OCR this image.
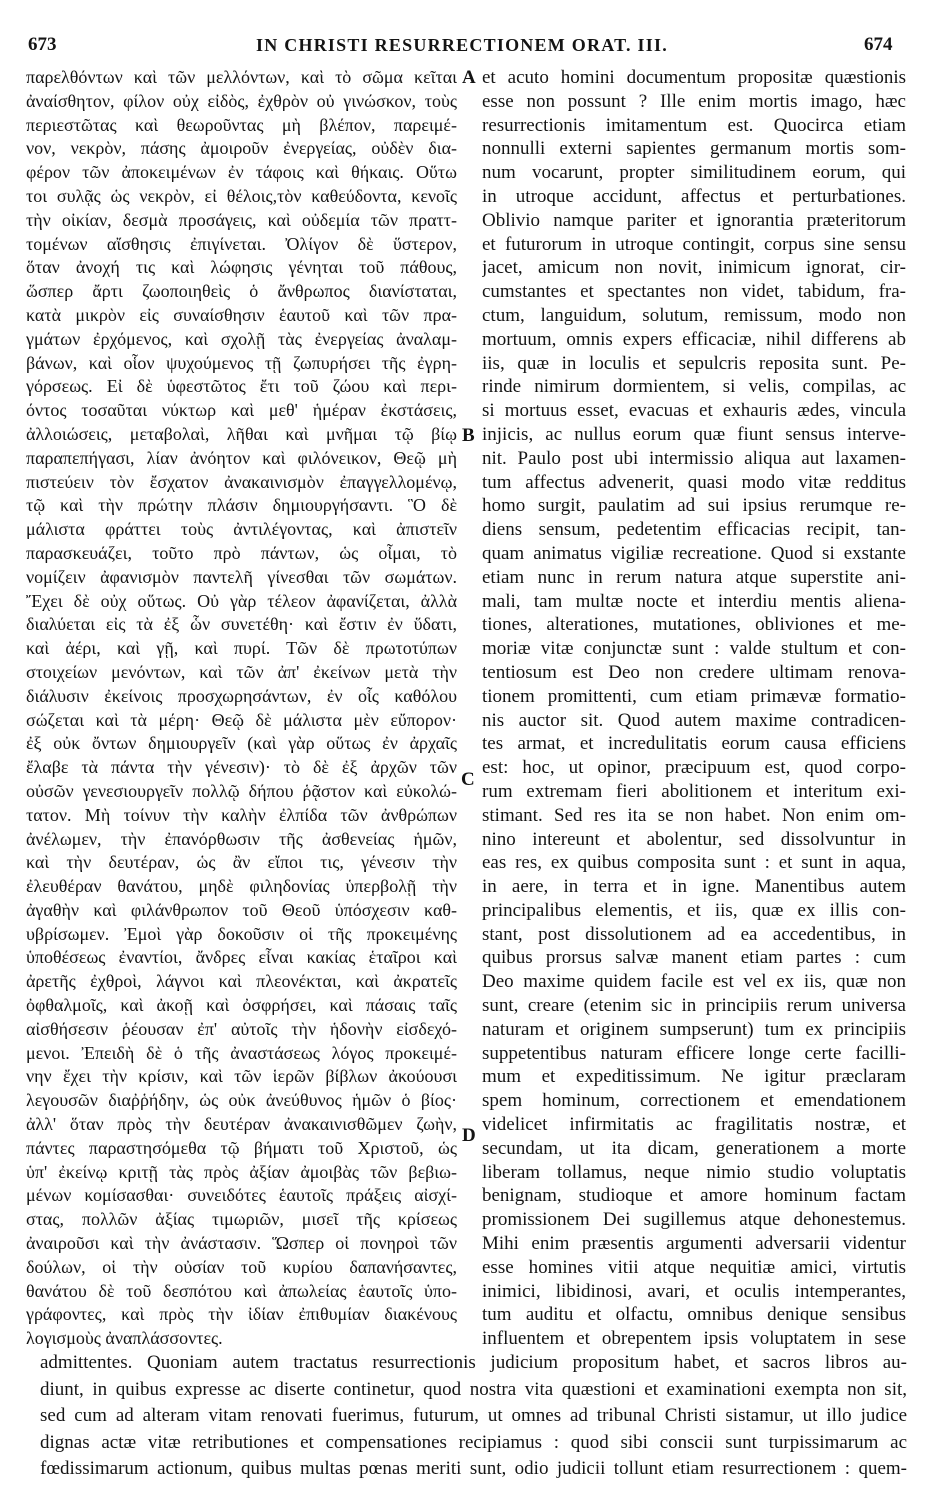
673	IN CHRISTI RESURRECTIONEM ORAT. III.	674
παρελθόντων καὶ τῶν μελλόντων, καὶ τὸ σῶμα κεῖται
ἀναίσθητον, φίλον οὐχ εἰδὸς, ἐχθρὸν οὐ γινώσκον, τοὺς
περιεστῶτας καὶ θεωροῦντας μὴ βλέπον, παρειμέ-
νον, νεκρὸν, πάσης ἀμοιροῦν ἐνεργείας, οὐδὲν δια-
φέρον τῶν ἀποκειμένων ἐν τάφοις καὶ θήκαις. Οὕτω
τοι συλᾷς ὡς νεκρὸν, εἰ θέλοις,τὸν καθεύδοντα, κενοῖς
τὴν οἰκίαν, δεσμὰ προσάγεις, καὶ οὐδεμία τῶν πραττ-
τομένων αἴσθησις ἐπιγίνεται. Ὀλίγον δὲ ὕστερον,
ὅταν ἀνοχή τις καὶ λώφησις γένηται τοῦ πάθους,
ὥσπερ ἄρτι ζωοποιηθεὶς ὁ ἄνθρωπος διανίσταται,
κατὰ μικρὸν εἰς συναίσθησιν ἑαυτοῦ καὶ τῶν πρα-
γμάτων ἐρχόμενος, καὶ σχολῇ τὰς ἐνεργείας ἀναλαμ-
βάνων, καὶ οἷον ψυχούμενος τῇ ζωπυρήσει τῆς ἐγρη-
γόρσεως. Εἰ δὲ ὑφεστῶτος ἔτι τοῦ ζώου καὶ περι-
όντος τοσαῦται νύκτωρ καὶ μεθ' ἡμέραν ἐκστάσεις,
ἀλλοιώσεις, μεταβολαὶ, λῆθαι καὶ μνῆμαι τῷ βίῳ
παραπεπήγασι, λίαν ἀνόητον καὶ φιλόνεικον, Θεῷ μὴ
πιστεύειν τὸν ἔσχατον ἀνακαινισμὸν ἐπαγγελλομένῳ,
τῷ καὶ τὴν πρώτην πλάσιν δημιουργήσαντι. Ὃ δὲ
μάλιστα φράττει τοὺς ἀντιλέγοντας, καὶ ἀπιστεῖν
παρασκευάζει, τοῦτο πρὸ πάντων, ὡς οἶμαι, τὸ
νομίζειν ἀφανισμὸν παντελῆ γίνεσθαι τῶν σωμάτων.
Ἔχει δὲ οὐχ οὕτως. Οὐ γὰρ τέλεον ἀφανίζεται, ἀλλὰ
διαλύεται εἰς τὰ ἐξ ὧν συνετέθη· καὶ ἔστιν ἐν ὕδατι,
καὶ ἀέρι, καὶ γῇ, καὶ πυρί. Τῶν δὲ πρωτοτύπων
στοιχείων μενόντων, καὶ τῶν ἀπ' ἐκείνων μετὰ τὴν
διάλυσιν ἐκείνοις προσχωρησάντων, ἐν οἷς καθόλου
σώζεται καὶ τὰ μέρη· Θεῷ δὲ μάλιστα μὲν εὔπορον·
ἐξ οὐκ ὄντων δημιουργεῖν (καὶ γὰρ οὕτως ἐν ἀρχαῖς
ἔλαβε τὰ πάντα τὴν γένεσιν)· τὸ δὲ ἐξ ἀρχῶν τῶν
οὐσῶν γενεσιουργεῖν πολλῷ δήπου ῥᾷστον καὶ εὐκολώ-
τατον. Μὴ τοίνυν τὴν καλὴν ἐλπίδα τῶν ἀνθρώπων
ἀνέλωμεν, τὴν ἐπανόρθωσιν τῆς ἀσθενείας ἡμῶν,
καὶ τὴν δευτέραν, ὡς ἂν εἴποι τις, γένεσιν τὴν
ἐλευθέραν θανάτου, μηδὲ φιληδονίας ὑπερβολῇ τὴν
ἀγαθὴν καὶ φιλάνθρωπον τοῦ Θεοῦ ὑπόσχεσιν καθ-
υβρίσωμεν. Ἐμοὶ γὰρ δοκοῦσιν οἱ τῆς προκειμένης
ὑποθέσεως ἐναντίοι, ἄνδρες εἶναι κακίας ἑταῖροι καὶ
ἀρετῆς ἐχθροὶ, λάγνοι καὶ πλεονέκται, καὶ ἀκρατεῖς
ὀφθαλμοῖς, καὶ ἀκοῇ καὶ ὀσφρήσει, καὶ πάσαις ταῖς
αἰσθήσεσιν ῥέουσαν ἐπ' αὐτοῖς τὴν ἡδονὴν εἰσδεχό-
μενοι. Ἐπειδὴ δὲ ὁ τῆς ἀναστάσεως λόγος προκειμέ-
νην ἔχει τὴν κρίσιν, καὶ τῶν ἱερῶν βίβλων ἀκούουσι
λεγουσῶν διαῤῥήδην, ὡς οὐκ ἀνεύθυνος ἡμῶν ὁ βίος·
ἀλλ' ὅταν πρὸς τὴν δευτέραν ἀνακαινισθῶμεν ζωὴν,
πάντες παραστησόμεθα τῷ βήματι τοῦ Χριστοῦ, ὡς
ὑπ' ἐκείνῳ κριτῇ τὰς πρὸς ἀξίαν ἀμοιβὰς τῶν βεβιω-
μένων κομίσασθαι· συνειδότες ἑαυτοῖς πράξεις αἰσχί-
στας, πολλῶν ἀξίας τιμωριῶν, μισεῖ τῆς κρίσεως
ἀναιροῦσι καὶ τὴν ἀνάστασιν. Ὥσπερ οἱ πονηροὶ τῶν
δούλων, οἱ τὴν οὐσίαν τοῦ κυρίου δαπανήσαντες,
θανάτου δὲ τοῦ δεσπότου καὶ ἀπωλείας ἑαυτοῖς ὑπο-
γράφοντες, καὶ πρὸς τὴν ἰδίαν ἐπιθυμίαν διακένους
λογισμοὺς ἀναπλάσσοντες.
et acuto homini documentum propositæ quæstionis
esse non possunt ? Ille enim mortis imago, hæc
resurrectionis imitamentum est. Quocirca etiam
nonnulli externi sapientes germanum mortis som-
num vocarunt, propter similitudinem eorum, qui
in utroque accidunt, affectus et perturbationes.
Oblivio namque pariter et ignorantia præteritorum
et futurorum in utroque contingit, corpus sine sensu
jacet, amicum non novit, inimicum ignorat, cir-
cumstantes et spectantes non videt, tabidum, fra-
ctum, languidum, solutum, remissum, modo non
mortuum, omnis expers efficaciæ, nihil differens ab
iis, quæ in loculis et sepulcris reposita sunt. Pe-
rinde nimirum dormientem, si velis, compilas, ac
si mortuus esset, evacuas et exhauris ædes, vincula
injicis, ac nullus eorum quæ fiunt sensus interve-
nit. Paulo post ubi intermissio aliqua aut laxamen-
tum affectus advenerit, quasi modo vitæ redditus
homo surgit, paulatim ad sui ipsius rerumque re-
diens sensum, pedetentim efficacias recipit, tan-
quam animatus vigiliæ recreatione. Quod si exstante
etiam nunc in rerum natura atque superstite ani-
mali, tam multæ nocte et interdiu mentis aliena-
tiones, alterationes, mutationes, obliviones et me-
moriæ vitæ conjunctæ sunt : valde stultum et con-
tentiosum est Deo non credere ultimam renova-
tionem promittenti, cum etiam primævæ formatio-
nis auctor sit. Quod autem maxime contradicen-
tes armat, et incredulitatis eorum causa efficiens
est: hoc, ut opinor, præcipuum est, quod corpo-
rum extremam fieri abolitionem et interitum exi-
stimant. Sed res ita se non habet. Non enim om-
nino intereunt et abolentur, sed dissolvuntur in
eas res, ex quibus composita sunt : et sunt in aqua,
in aere, in terra et in igne. Manentibus autem
principalibus elementis, et iis, quæ ex illis con-
stant, post dissolutionem ad ea accedentibus, in
quibus prorsus salvæ manent etiam partes : cum
Deo maxime quidem facile est vel ex iis, quæ non
sunt, creare (etenim sic in principiis rerum universa
naturam et originem sumpserunt) tum ex principiis
suppetentibus naturam efficere longe certe facilli-
mum et expeditissimum. Ne igitur præclaram
spem hominum, correctionem et emendationem
videlicet infirmitatis ac fragilitatis nostræ, et
secundam, ut ita dicam, generationem a morte
liberam tollamus, neque nimio studio voluptatis
benignam, studioque et amore hominum factam
promissionem Dei sugillemus atque dehonestemus.
Mihi enim præsentis argumenti adversarii videntur
esse homines vitii atque nequitiæ amici, virtutis
inimici, libidinosi, avari, et oculis intemperantes,
tum auditu et olfactu, omnibus denique sensibus
influentem et obrepentem ipsis voluptatem in sese
A
B
C
D
admittentes. Quoniam autem tractatus resurrectionis judicium propositum habet, et sacros libros au-
diunt, in quibus expresse ac diserte continetur, quod nostra vita quæstioni et examinationi exempta non sit,
sed cum ad alteram vitam renovati fuerimus, futurum, ut omnes ad tribunal Christi sistamur, ut illo judice
dignas actæ vitæ retributiones et compensationes recipiamus : quod sibi conscii sunt turpissimarum ac
fœdissimarum actionum, quibus multas pœnas meriti sunt, odio judicii tollunt etiam resurrectionem : quem-
